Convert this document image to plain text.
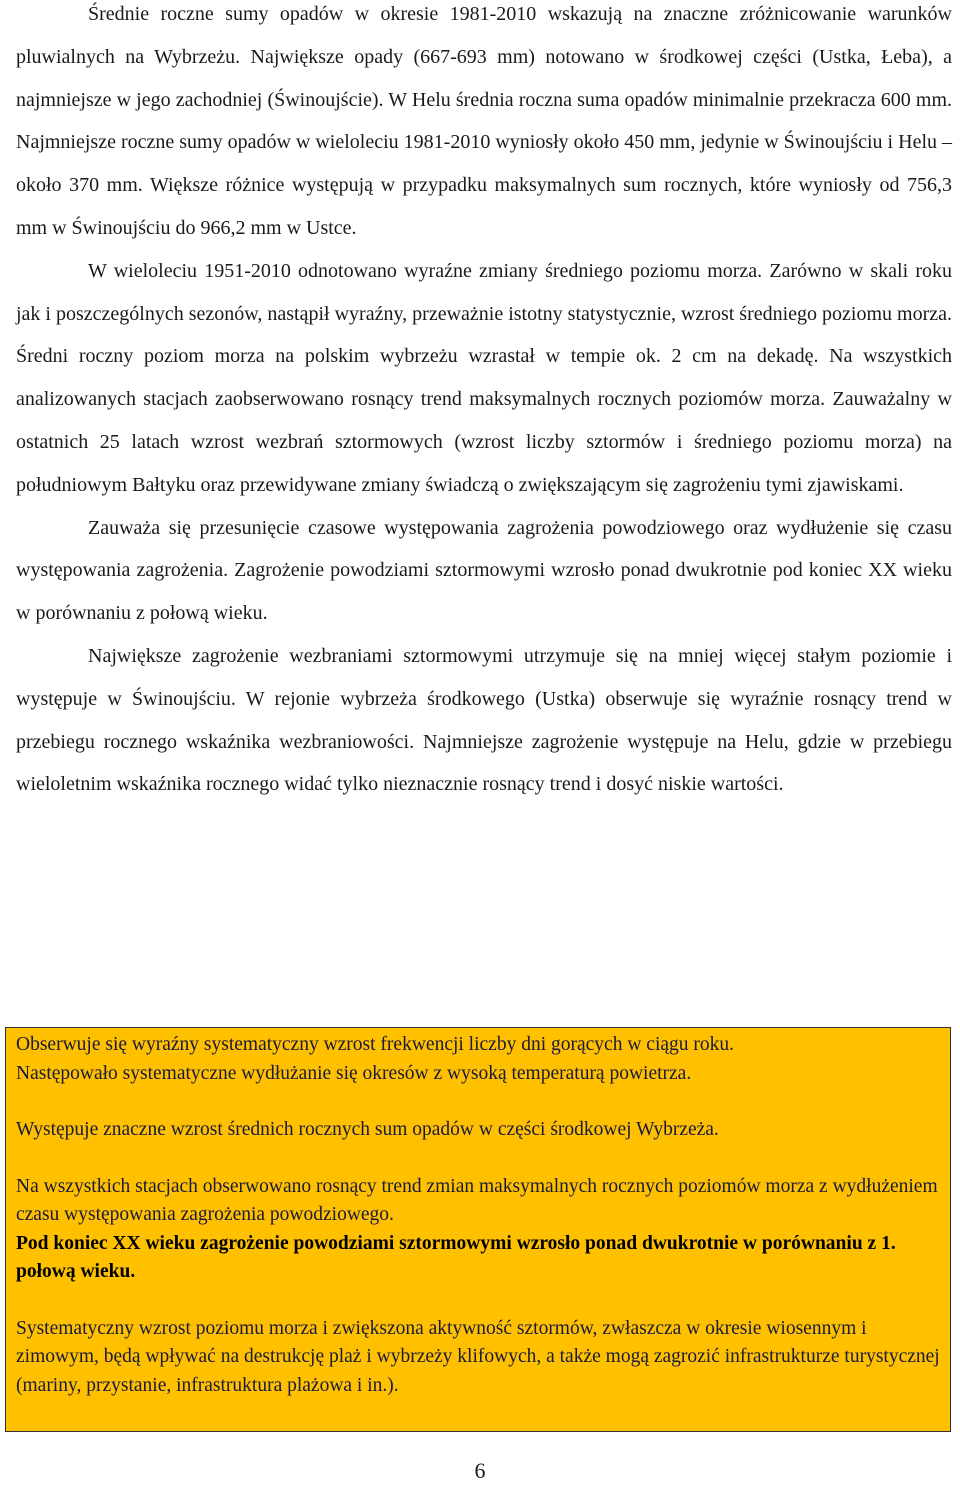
Średnie roczne sumy opadów w okresie 1981-2010 wskazują na znaczne zróżnicowanie warunków pluwialnych na Wybrzeżu. Największe opady (667-693 mm) notowano w środkowej części (Ustka, Łeba), a najmniejsze w jego zachodniej (Świnoujście). W Helu średnia roczna suma opadów minimalnie przekracza 600 mm. Najmniejsze roczne sumy opadów w wieloleciu 1981-2010 wyniosły około 450 mm, jedynie w Świnoujściu i Helu – około 370 mm. Większe różnice występują w przypadku maksymalnych sum rocznych, które wyniosły od 756,3 mm w Świnoujściu do 966,2 mm w Ustce.

W wieloleciu 1951-2010 odnotowano wyraźne zmiany średniego poziomu morza. Zarówno w skali roku jak i poszczególnych sezonów, nastąpił wyraźny, przeważnie istotny statystycznie, wzrost średniego poziomu morza. Średni roczny poziom morza na polskim wybrzeżu wzrastał w tempie ok. 2 cm na dekadę. Na wszystkich analizowanych stacjach zaobserwowano rosnący trend maksymalnych rocznych poziomów morza. Zauważalny w ostatnich 25 latach wzrost wezbrań sztormowych (wzrost liczby sztormów i średniego poziomu morza) na południowym Bałtyku oraz przewidywane zmiany świadczą o zwiększającym się zagrożeniu tymi zjawiskami.

Zauważa się przesunięcie czasowe występowania zagrożenia powodziowego oraz wydłużenie się czasu występowania zagrożenia. Zagrożenie powodziami sztormowymi wzrosło ponad dwukrotnie pod koniec XX wieku w porównaniu z połową wieku.

Największe zagrożenie wezbraniami sztormowymi utrzymuje się na mniej więcej stałym poziomie i występuje w Świnoujściu. W rejonie wybrzeża środkowego (Ustka) obserwuje się wyraźnie rosnący trend w przebiegu rocznego wskaźnika wezbraniowości. Najmniejsze zagrożenie występuje na Helu, gdzie w przebiegu wieloletnim wskaźnika rocznego widać tylko nieznacznie rosnący trend i dosyć niskie wartości.

Obserwuje się wyraźny systematyczny wzrost frekwencji liczby dni gorących w ciągu roku.
Następowało systematyczne wydłużanie się okresów z wysoką temperaturą powietrza.

Występuje znaczne wzrost średnich rocznych sum opadów w części środkowej Wybrzeża.

Na wszystkich stacjach obserwowano rosnący trend zmian maksymalnych rocznych poziomów morza z wydłużeniem czasu występowania zagrożenia powodziowego.
Pod koniec XX wieku zagrożenie powodziami sztormowymi wzrosło ponad dwukrotnie w porównaniu z 1. połową wieku.

Systematyczny wzrost poziomu morza i zwiększona aktywność sztormów, zwłaszcza w okresie wiosennym i zimowym, będą wpływać na destrukcję plaż i wybrzeży klifowych, a także mogą zagrozić infrastrukturze turystycznej (mariny, przystanie, infrastruktura plażowa i in.).

6
